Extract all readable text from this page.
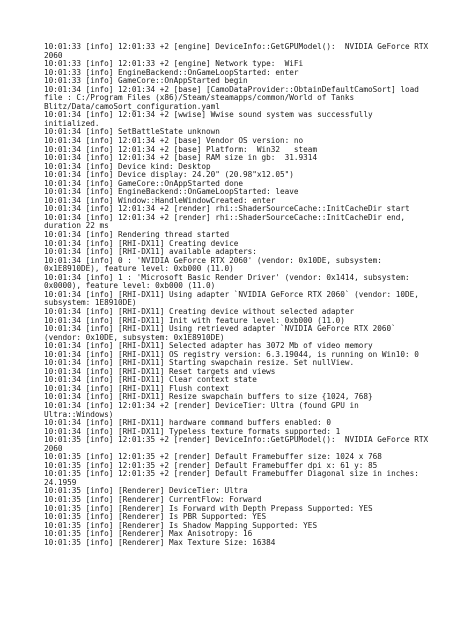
10:01:33 [info] 12:01:33 +2 [engine] DeviceInfo::GetGPUModel():  NVIDIA GeForce RTX
2060
10:01:33 [info] 12:01:33 +2 [engine] Network type:  WiFi
10:01:33 [info] EngineBackend::OnGameLoopStarted: enter
10:01:33 [info] GameCore::OnAppStarted begin
10:01:34 [info] 12:01:34 +2 [base] [CamoDataProvider::ObtainDefaultCamoSort] load
file : C:/Program Files (x86)/Steam/steamapps/common/World of Tanks
Blitz/Data/camoSort_configuration.yaml
10:01:34 [info] 12:01:34 +2 [wwise] Wwise sound system was successfully
initialized.
10:01:34 [info] SetBattleState unknown
10:01:34 [info] 12:01:34 +2 [base] Vendor OS version: no
10:01:34 [info] 12:01:34 +2 [base] Platform:  Win32   steam
10:01:34 [info] 12:01:34 +2 [base] RAM size in gb:  31.9314
10:01:34 [info] Device kind: Desktop
10:01:34 [info] Device display: 24.20" (20.98"x12.05")
10:01:34 [info] GameCore::OnAppStarted done
10:01:34 [info] EngineBackend::OnGameLoopStarted: leave
10:01:34 [info] Window::HandleWindowCreated: enter
10:01:34 [info] 12:01:34 +2 [render] rhi::ShaderSourceCache::InitCacheDir start
10:01:34 [info] 12:01:34 +2 [render] rhi::ShaderSourceCache::InitCacheDir end,
duration 22 ms
10:01:34 [info] Rendering thread started
10:01:34 [info] [RHI-DX11] Creating device
10:01:34 [info] [RHI-DX11] available adapters:
10:01:34 [info] 0 : 'NVIDIA GeForce RTX 2060' (vendor: 0x10DE, subsystem:
0x1E8910DE), feature level: 0xb000 (11.0)
10:01:34 [info] 1 : 'Microsoft Basic Render Driver' (vendor: 0x1414, subsystem:
0x0000), feature level: 0xb000 (11.0)
10:01:34 [info] [RHI-DX11] Using adapter `NVIDIA GeForce RTX 2060` (vendor: 10DE,
subsystem: 1E8910DE)
10:01:34 [info] [RHI-DX11] Creating device without selected adapter
10:01:34 [info] [RHI-DX11] Init with feature level: 0xb000 (11.0)
10:01:34 [info] [RHI-DX11] Using retrieved adapter `NVIDIA GeForce RTX 2060`
(vendor: 0x10DE, subsystem: 0x1E8910DE)
10:01:34 [info] [RHI-DX11] Selected adapter has 3072 Mb of video memory
10:01:34 [info] [RHI-DX11] OS registry version: 6.3.19044, is running on Win10: 0
10:01:34 [info] [RHI-DX11] Starting swapchain resize. Set nullView.
10:01:34 [info] [RHI-DX11] Reset targets and views
10:01:34 [info] [RHI-DX11] Clear context state
10:01:34 [info] [RHI-DX11] Flush context
10:01:34 [info] [RHI-DX11] Resize swapchain buffers to size {1024, 768}
10:01:34 [info] 12:01:34 +2 [render] DeviceTier: Ultra (found GPU in
Ultra::Windows)
10:01:34 [info] [RHI-DX11] hardware command buffers enabled: 0
10:01:34 [info] [RHI-DX11] Typeless texture formats supported: 1
10:01:35 [info] 12:01:35 +2 [render] DeviceInfo::GetGPUModel():  NVIDIA GeForce RTX
2060
10:01:35 [info] 12:01:35 +2 [render] Default Framebuffer size: 1024 x 768
10:01:35 [info] 12:01:35 +2 [render] Default Framebuffer dpi x: 61 y: 85
10:01:35 [info] 12:01:35 +2 [render] Default Framebuffer Diagonal size in inches:
24.1959
10:01:35 [info] [Renderer] DeviceTier: Ultra
10:01:35 [info] [Renderer] CurrentFlow: Forward
10:01:35 [info] [Renderer] Is Forward with Depth Prepass Supported: YES
10:01:35 [info] [Renderer] Is PBR Supported: YES
10:01:35 [info] [Renderer] Is Shadow Mapping Supported: YES
10:01:35 [info] [Renderer] Max Anisotropy: 16
10:01:35 [info] [Renderer] Max Texture Size: 16384
